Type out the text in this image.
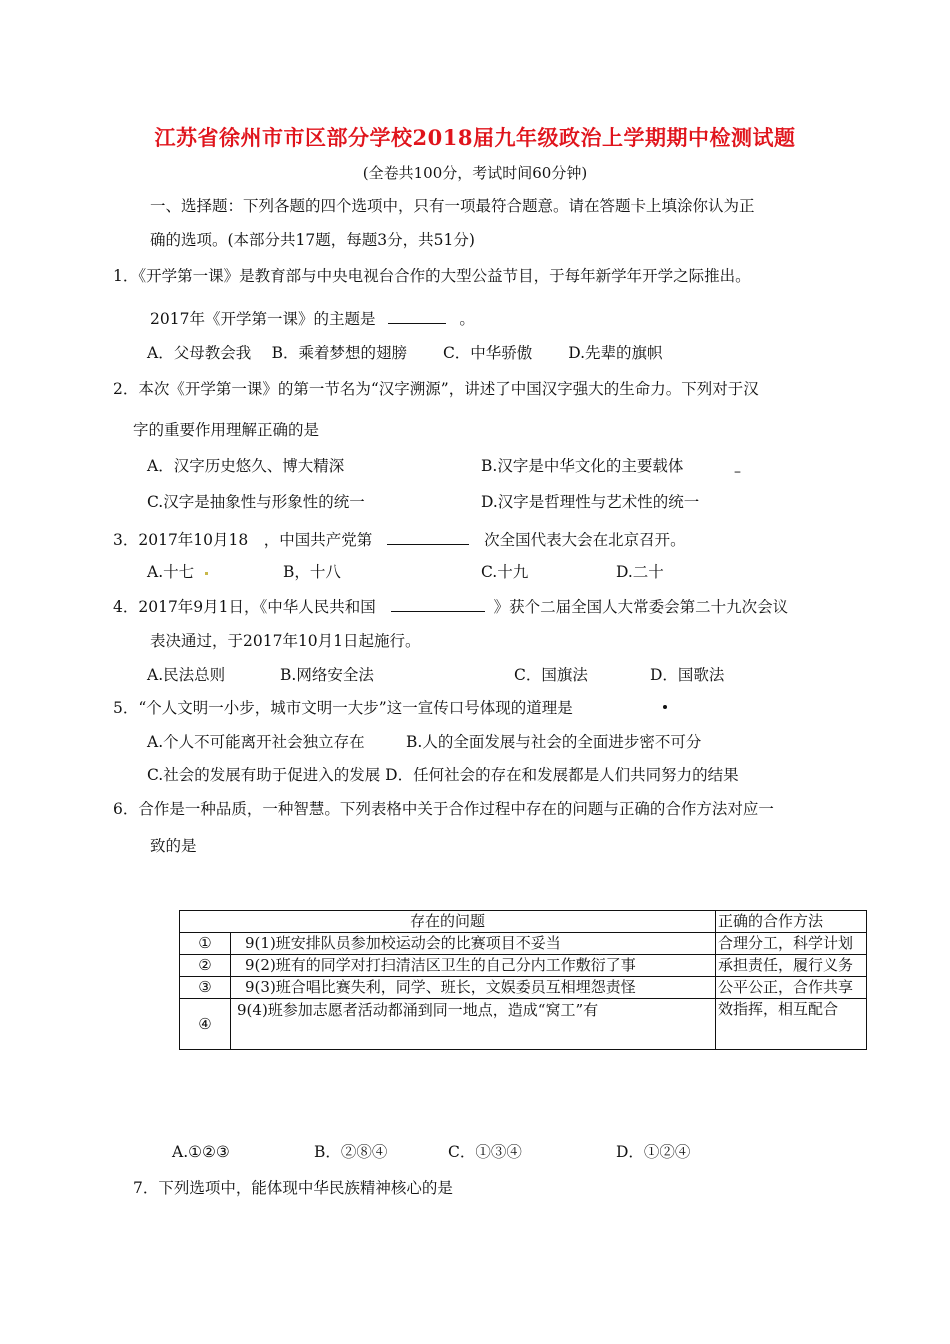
江苏省徐州市市区部分学校2018届九年级政治上学期期中检测试题
(全卷共100分，考试时间60分钟)
一、选择题：下列各题的四个选项中，只有一项最符合题意。请在答题卡上填涂你认为正
确的选项。(本部分共17题，每题3分，共51分)
1．《开学第一课》是教育部与中央电视台合作的大型公益节目，于每年新学年开学之际推出。
2017年《开学第一课》的主题是	。
A．父母教会我　 B．乘着梦想的翅膀　 　C．中华骄傲　 　D.先辈的旗帜
2．本次《开学第一课》的第一节名为“汉字溯源”，讲述了中国汉字强大的生命力。下列对于汉
字的重要作用理解正确的是
A．汉字历史悠久、博大精深	B.汉字是中华文化的主要载体	–
C.汉字是抽象性与形象性的统一	D.汉字是哲理性与艺术性的统一
3．2017年10月18　，中国共产党第	次全国代表大会在北京召开。
A.十七	B，十八	C.十九	D.二十
4．2017年9月1日，《中华人民共和国	》获个二届全国人大常委会第二十九次会议
表决通过，于2017年10月1日起施行。
A.民法总则	B.网络安全法	C．国旗法	D．国歌法
5．“个人文明一小步，城市文明一大步”这一宣传口号体现的道理是
A.个人不可能离开社会独立存在	B.人的全面发展与社会的全面进步密不可分
C.社会的发展有助于促进入的发展 D．任何社会的存在和发展都是人们共同努力的结果
6．合作是一种品质，一种智慧。下列表格中关于合作过程中存在的问题与正确的合作方法对应一
致的是
存在的问题		正确的合作方法
①	9(1)班安排队员参加校运动会的比赛项目不妥当	合理分工，科学计划
②	9(2)班有的同学对打扫清洁区卫生的自己分内工作敷衍了事	承担责任，履行义务
③	9(3)班合唱比赛失利，同学、班长，文娱委员互相埋怨责怪	公平公正，合作共享
④	9(4)班参加志愿者活动都涌到同一地点，造成“窝工”有	效指挥，相互配合
A.①②③	B．②⑧④	C．①③④	D．①②④
7．下列选项中，能体现中华民族精神核心的是
